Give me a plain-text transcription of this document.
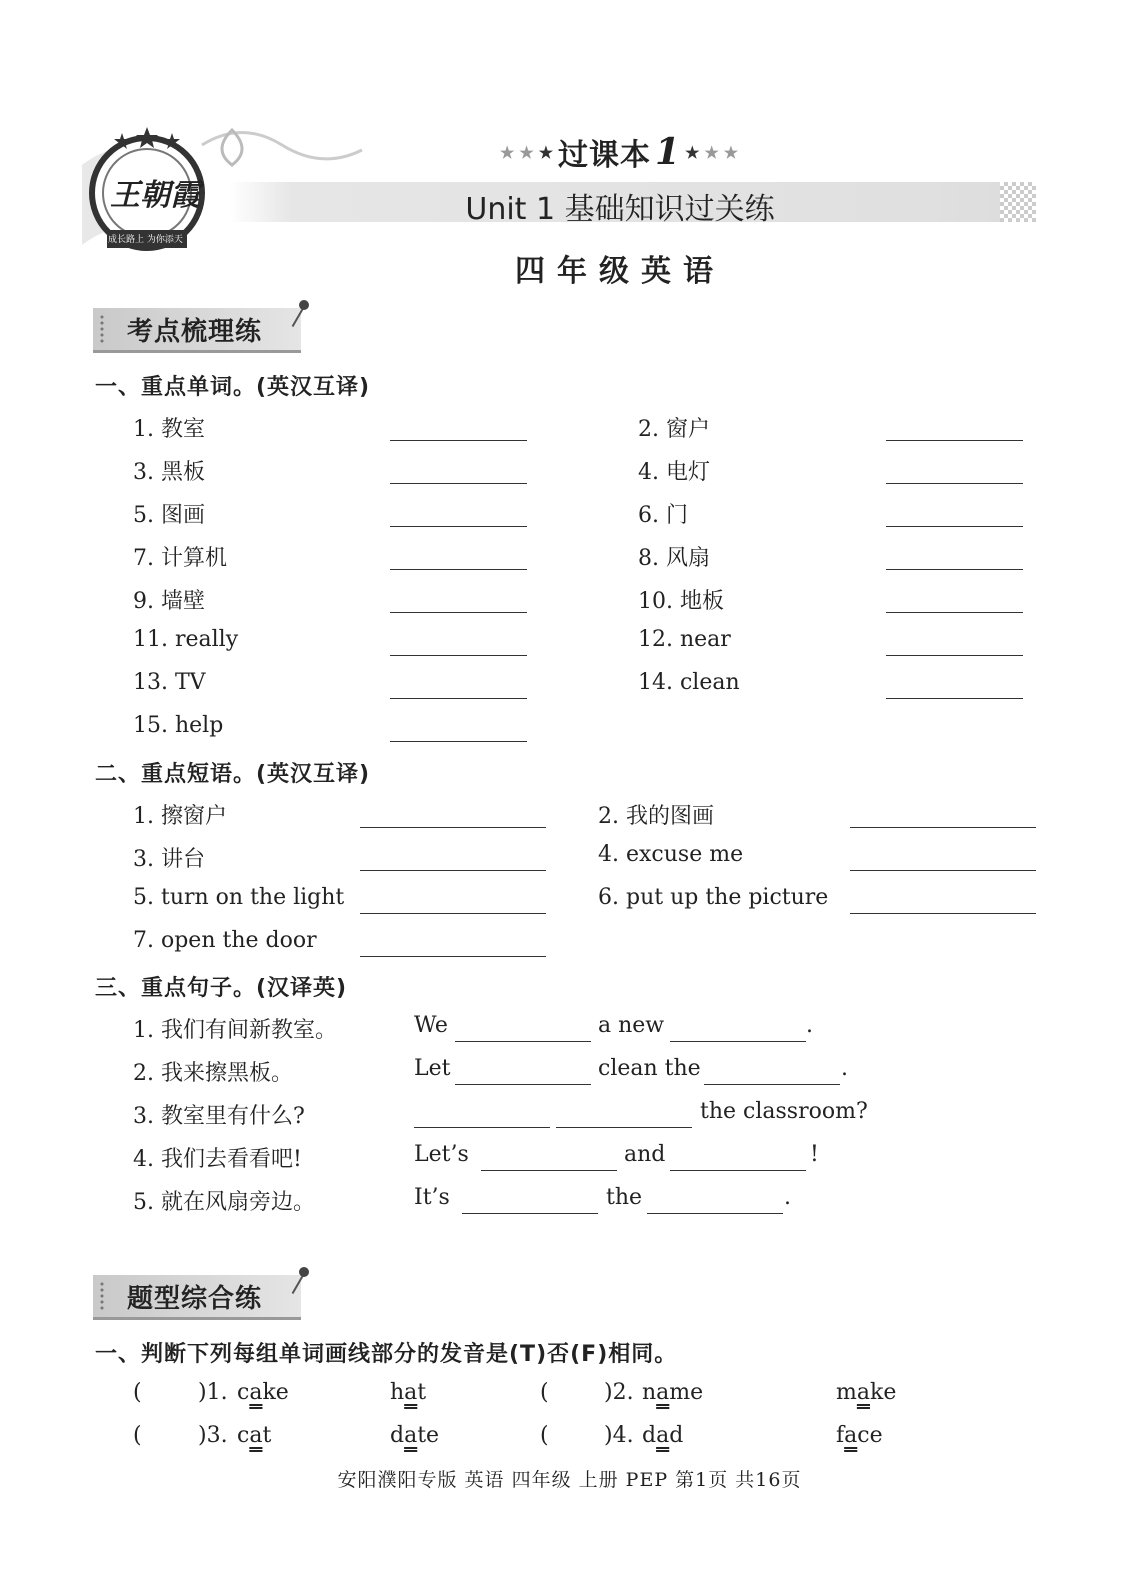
王朝霞
成长路上 为你添天
★ ★ ★ 过课本 1 ★ ★ ★
Unit 1 基础知识过关练
四年级英语
考点梳理练
一、重点单词。(英汉互译)
1. 教室	2. 窗户
3. 黑板	4. 电灯
5. 图画	6. 门
7. 计算机	8. 风扇
9. 墙壁	10. 地板
11. really	12. near
13. TV	14. clean
15. help
二、重点短语。(英汉互译)
1. 擦窗户	2. 我的图画
3. 讲台	4. excuse me
5. turn on the light	6. put up the picture
7. open the door
三、重点句子。(汉译英)
1. 我们有间新教室。	We	a new	.
2. 我来擦黑板。	Let	clean the	.
3. 教室里有什么?	the classroom?
4. 我们去看看吧!	Let’s	and	!
5. 就在风扇旁边。	It’s	the	.
题型综合练
一、判断下列每组单词画线部分的发音是(T)否(F)相同。
(	)1. cake	hat	(	)2. name	make
(	)3. cat	date	(	)4. dad	face
安阳濮阳专版 英语 四年级 上册 PEP 第1页 共16页
